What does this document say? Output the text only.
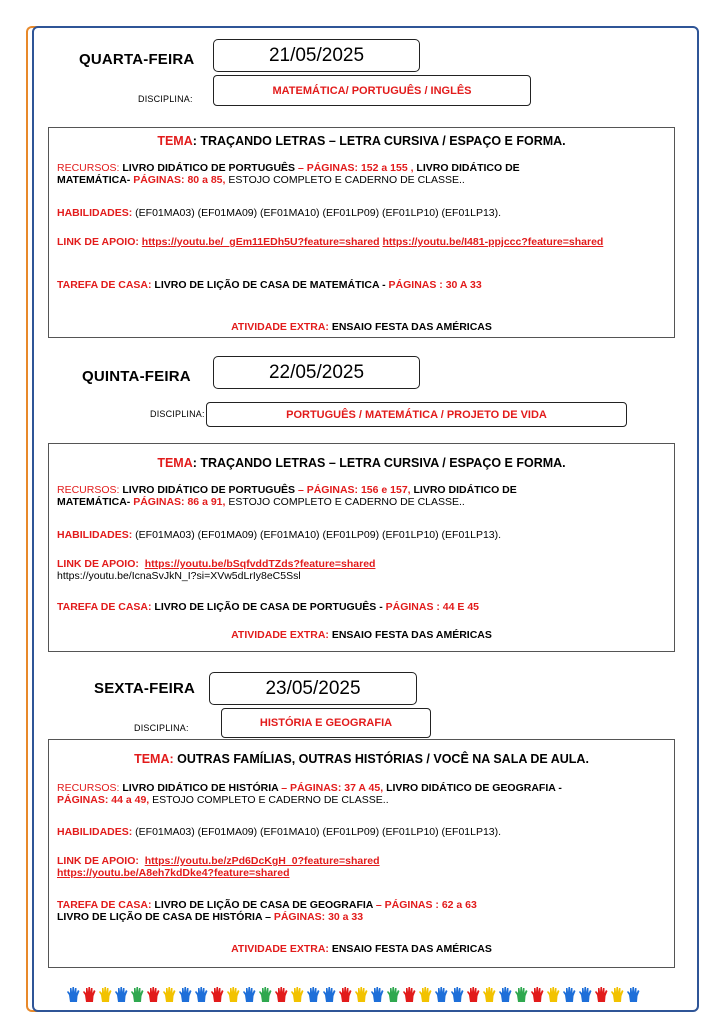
QUARTA-FEIRA	21/05/2025
DISCIPLINA:
MATEMÁTICA/ PORTUGUÊS / INGLÊS
TEMA: TRAÇANDO LETRAS – LETRA CURSIVA / ESPAÇO E FORMA.
RECURSOS: LIVRO DIDÁTICO DE PORTUGUÊS – PÁGINAS: 152 a 155 , LIVRO DIDÁTICO DE
MATEMÁTICA- PÁGINAS: 80 a 85, ESTOJO COMPLETO E CADERNO DE CLASSE..
HABILIDADES: (EF01MA03) (EF01MA09) (EF01MA10) (EF01LP09) (EF01LP10) (EF01LP13).
LINK DE APOIO: https://youtu.be/_gEm11EDh5U?feature=shared https://youtu.be/I481-ppjccc?feature=shared
TAREFA DE CASA: LIVRO DE LIÇÃO DE CASA DE MATEMÁTICA - PÁGINAS : 30 A 33
ATIVIDADE EXTRA: ENSAIO FESTA DAS AMÉRICAS
QUINTA-FEIRA	22/05/2025
DISCIPLINA:	PORTUGUÊS / MATEMÁTICA / PROJETO DE VIDA
TEMA: TRAÇANDO LETRAS – LETRA CURSIVA / ESPAÇO E FORMA.
RECURSOS: LIVRO DIDÁTICO DE PORTUGUÊS – PÁGINAS: 156 e 157, LIVRO DIDÁTICO DE
MATEMÁTICA- PÁGINAS: 86 a 91, ESTOJO COMPLETO E CADERNO DE CLASSE..
HABILIDADES: (EF01MA03) (EF01MA09) (EF01MA10) (EF01LP09) (EF01LP10) (EF01LP13).
LINK DE APOIO: https://youtu.be/bSqfvddTZds?feature=shared
https://youtu.be/IcnaSvJkN_I?si=XVw5dLrIy8eC5Ssl
TAREFA DE CASA: LIVRO DE LIÇÃO DE CASA DE PORTUGUÊS - PÁGINAS : 44 E 45
ATIVIDADE EXTRA: ENSAIO FESTA DAS AMÉRICAS
SEXTA-FEIRA	23/05/2025
DISCIPLINA:	HISTÓRIA E GEOGRAFIA
TEMA: OUTRAS FAMÍLIAS, OUTRAS HISTÓRIAS / VOCÊ NA SALA DE AULA.
RECURSOS: LIVRO DIDÁTICO DE HISTÓRIA – PÁGINAS: 37 A 45, LIVRO DIDÁTICO DE GEOGRAFIA -
PÁGINAS: 44 a 49, ESTOJO COMPLETO E CADERNO DE CLASSE..
HABILIDADES: (EF01MA03) (EF01MA09) (EF01MA10) (EF01LP09) (EF01LP10) (EF01LP13).
LINK DE APOIO: https://youtu.be/zPd6DcKgH_0?feature=shared
https://youtu.be/A8eh7kdDke4?feature=shared
TAREFA DE CASA: LIVRO DE LIÇÃO DE CASA DE GEOGRAFIA – PÁGINAS : 62 a 63
LIVRO DE LIÇÃO DE CASA DE HISTÓRIA – PÁGINAS: 30 a 33
ATIVIDADE EXTRA: ENSAIO FESTA DAS AMÉRICAS
